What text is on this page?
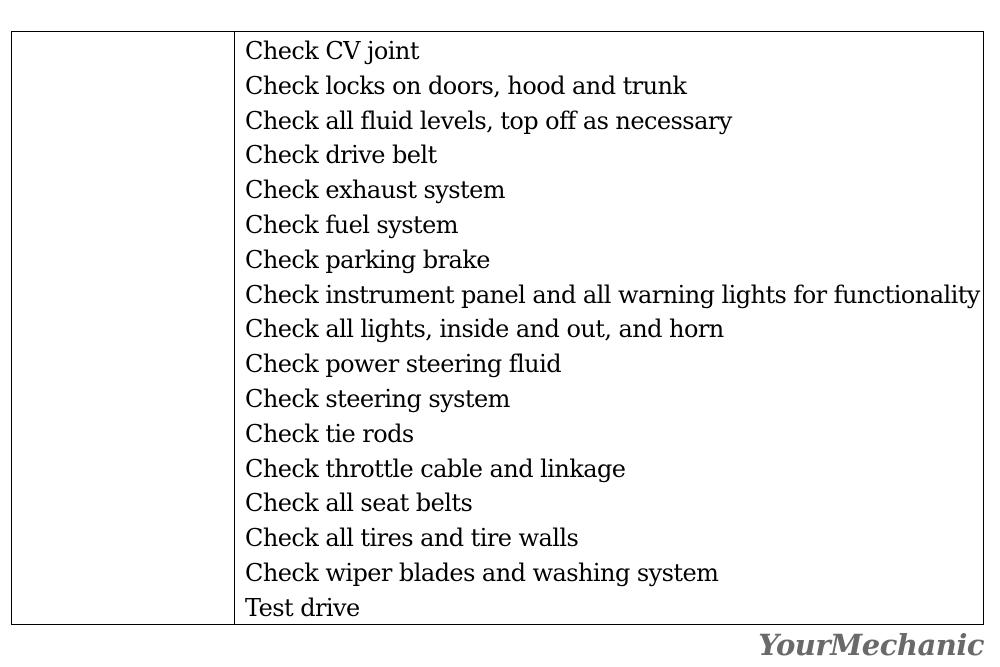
Check CV joint
Check locks on doors, hood and trunk
Check all fluid levels, top off as necessary
Check drive belt
Check exhaust system
Check fuel system
Check parking brake
Check instrument panel and all warning lights for functionality
Check all lights, inside and out, and horn
Check power steering fluid
Check steering system
Check tie rods
Check throttle cable and linkage
Check all seat belts
Check all tires and tire walls
Check wiper blades and washing system
Test drive
YourMechanic
